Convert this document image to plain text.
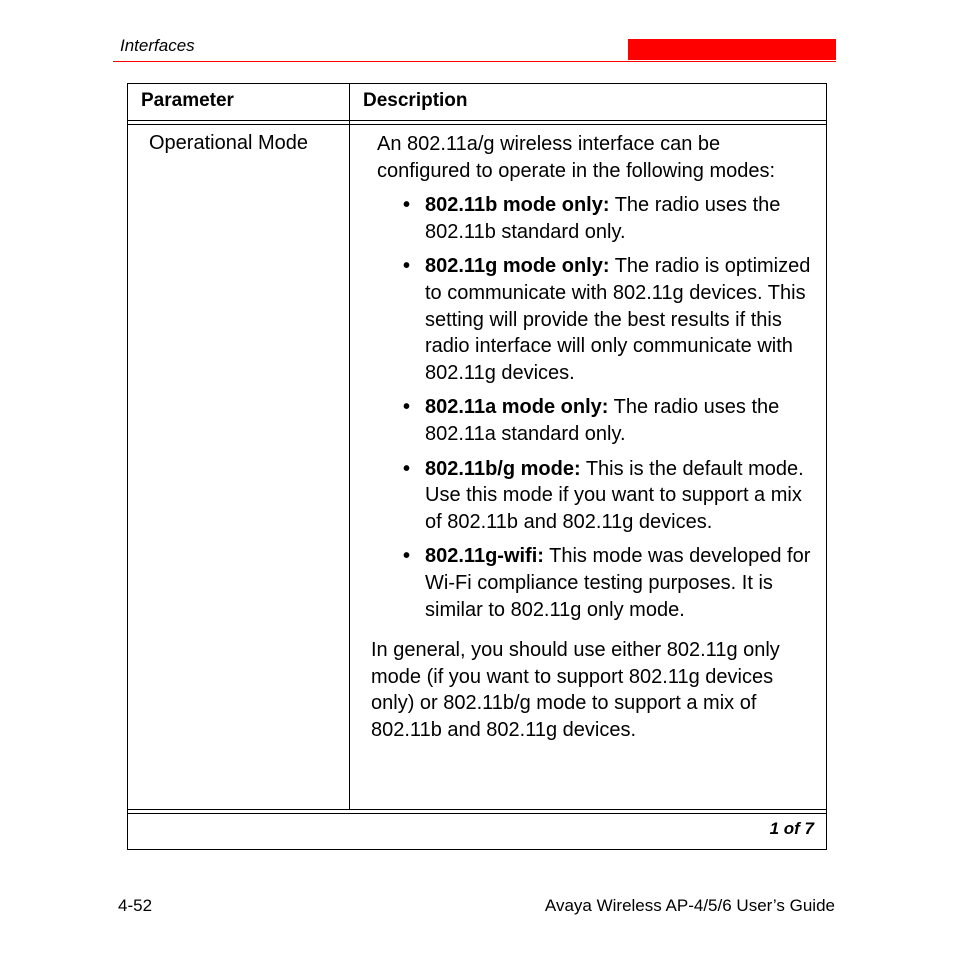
Interfaces
Parameter	Description
Operational Mode	An 802.11a/g wireless interface can be configured to operate in the following modes:

• 802.11b mode only: The radio uses the 802.11b standard only.
• 802.11g mode only: The radio is optimized to communicate with 802.11g devices. This setting will provide the best results if this radio interface will only communicate with 802.11g devices.
• 802.11a mode only: The radio uses the 802.11a standard only.
• 802.11b/g mode: This is the default mode. Use this mode if you want to support a mix of 802.11b and 802.11g devices.
• 802.11g-wifi: This mode was developed for Wi-Fi compliance testing purposes. It is similar to 802.11g only mode.

In general, you should use either 802.11g only mode (if you want to support 802.11g devices only) or 802.11b/g mode to support a mix of 802.11b and 802.11g devices.

1 of 7
4-52	Avaya Wireless AP-4/5/6 User’s Guide
